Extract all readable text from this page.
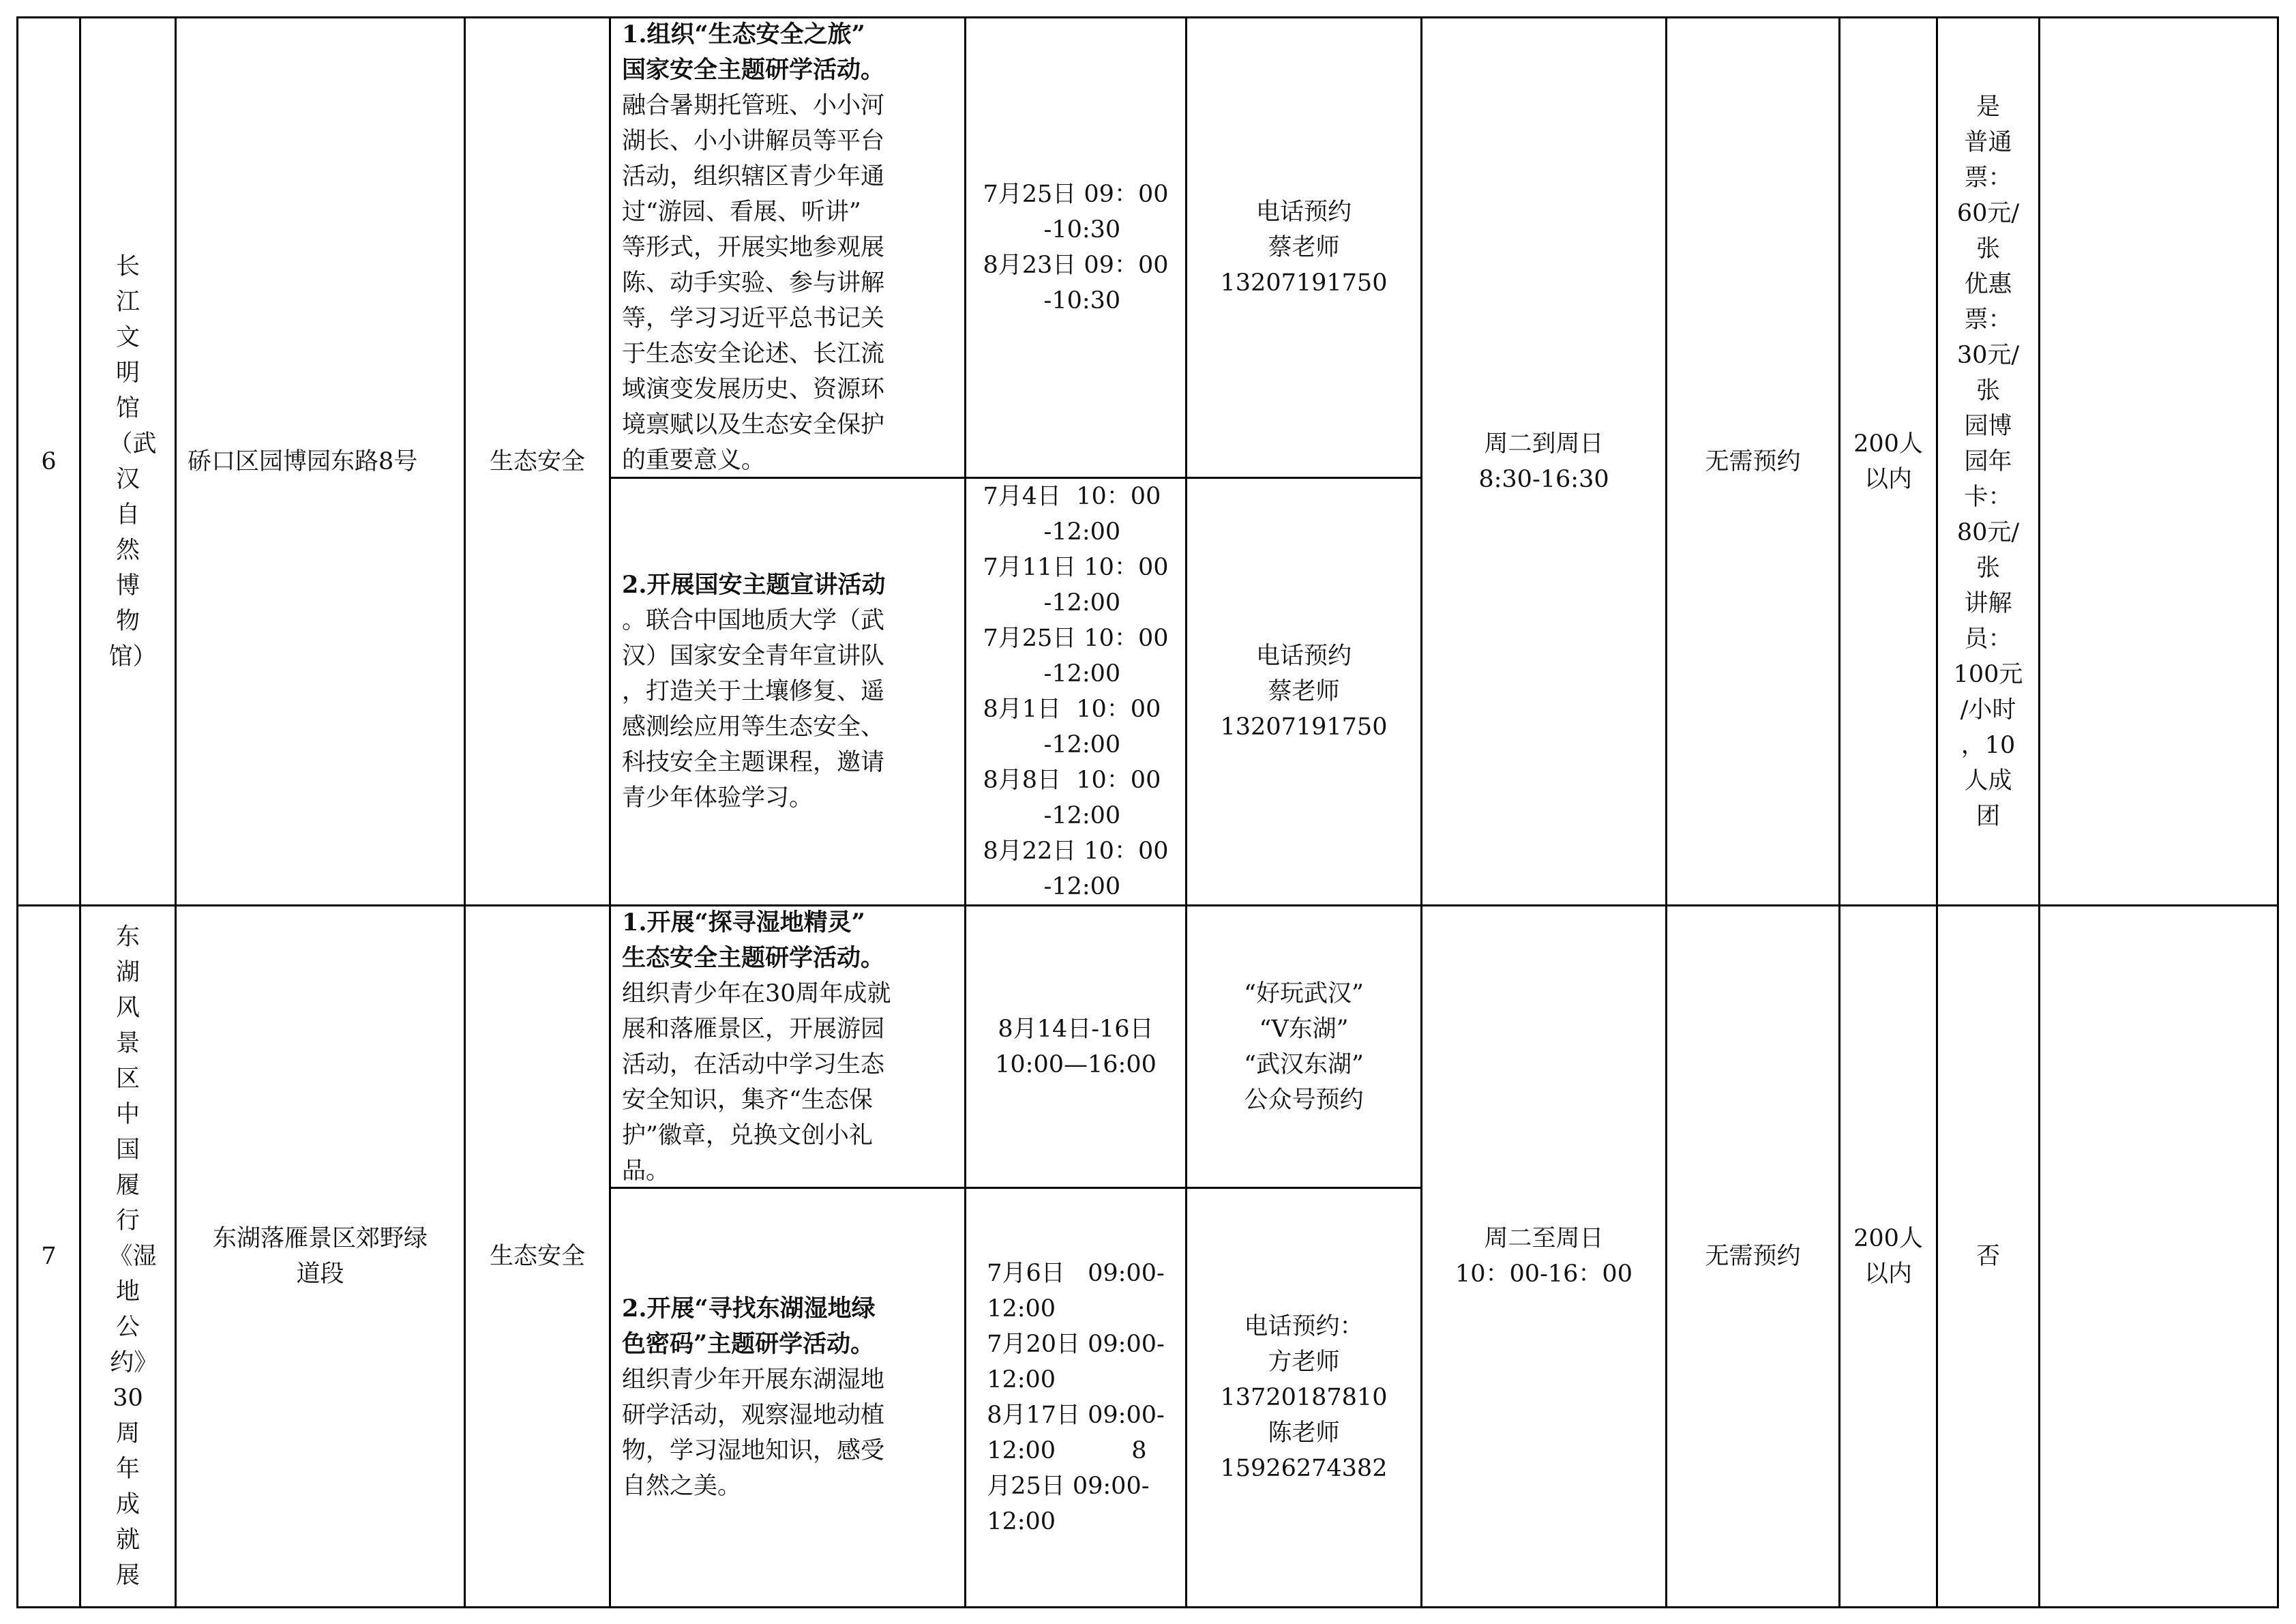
6
长江文明馆（武汉自然博物馆）
硚口区园博园东路8号	生态安全
1.组织“生态安全之旅”
国家安全主题研学活动。
融合暑期托管班、小小河
湖长、小小讲解员等平台
活动，组织辖区青少年通
过“游园、看展、听讲”
等形式，开展实地参观展
陈、动手实验、参与讲解
等，学习习近平总书记关
于生态安全论述、长江流
域演变发展历史、资源环
境禀赋以及生态安全保护
的重要意义。
7月25日 09：00
-10:30
8月23日 09：00
-10:30
电话预约
蔡老师
13207191750
2.开展国安主题宣讲活动
。联合中国地质大学（武
汉）国家安全青年宣讲队
，打造关于土壤修复、遥
感测绘应用等生态安全、
科技安全主题课程，邀请
青少年体验学习。
7月4日  10：00
-12:00
7月11日 10：00
-12:00
7月25日 10：00
-12:00
8月1日  10：00
-12:00
8月8日  10：00
-12:00
8月22日 10：00
-12:00
电话预约
蔡老师
13207191750
周二到周日
8:30-16:30
无需预约
200人
以内
是
普通
票：
60元/
张
优惠
票：
30元/
张
园博
园年
卡：
80元/
张
讲解
员：
100元
/小时
，10
人成
团
7
东湖风景区中国履行《湿地公约》30周年成就展
东湖落雁景区郊野绿
道段
生态安全
1.开展“探寻湿地精灵”
生态安全主题研学活动。
组织青少年在30周年成就
展和落雁景区，开展游园
活动，在活动中学习生态
安全知识，集齐“生态保
护”徽章，兑换文创小礼
品。
8月14日-16日
10:00—16:00
“好玩武汉”
“V东湖”
“武汉东湖”
公众号预约
2.开展“寻找东湖湿地绿
色密码”主题研学活动。
组织青少年开展东湖湿地
研学活动，观察湿地动植
物，学习湿地知识，感受
自然之美。
7月6日   09:00-
12:00
7月20日 09:00-
12:00
8月17日 09:00-
12:00          8
月25日 09:00-
12:00
电话预约：
方老师
13720187810
陈老师
15926274382
周二至周日
10：00-16：00
无需预约
200人
以内
否
